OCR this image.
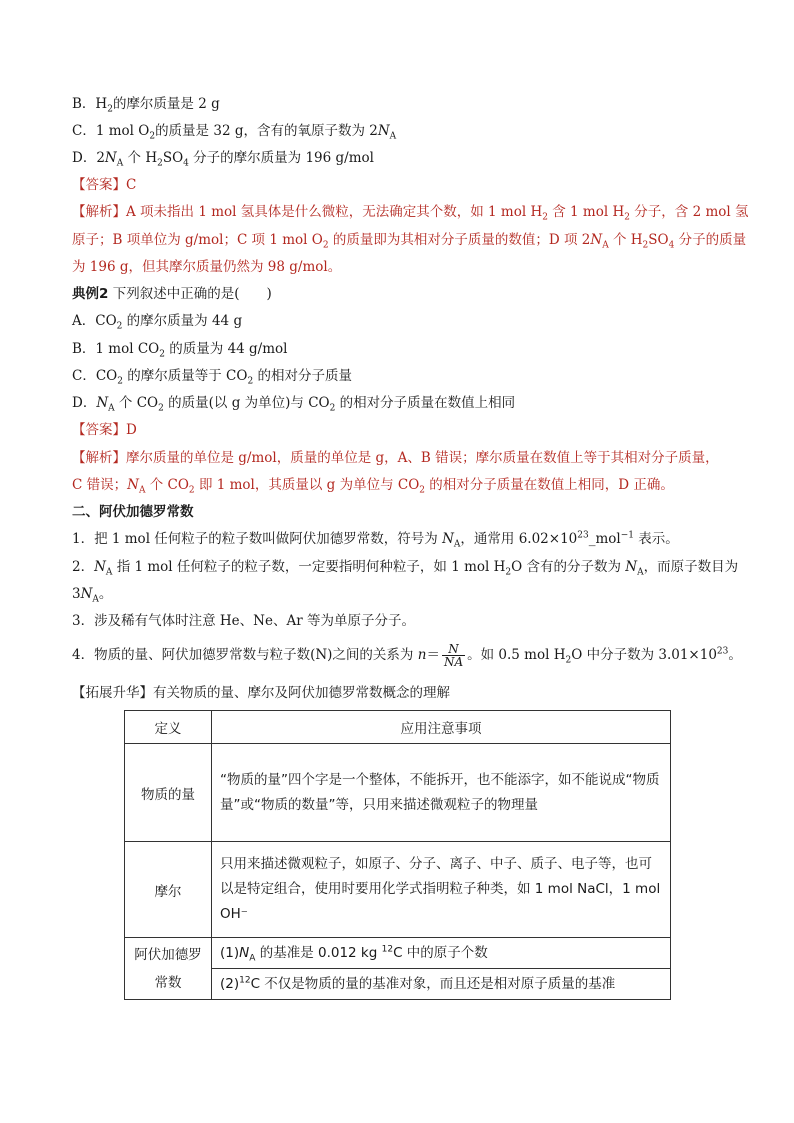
B．$H_2$的摩尔质量是 2 g
C．1 mol $O_2$的质量是 32 g，含有的氧原子数为 $2N_A$
D．$2N_A$ 个 $H_2SO_4$ 分子的摩尔质量为 196 g/mol
【答案】C
【解析】A 项未指出 1 mol 氢具体是什么微粒，无法确定其个数，如 1 mol $H_2$ 含 1 mol $H_2$ 分子，含 2 mol 氢
原子；B 项单位为 g/mol；C 项 1 mol $O_2$ 的质量即为其相对分子质量的数值；D 项 $2N_A$ 个 $H_2SO_4$ 分子的质量
为 196 g，但其摩尔质量仍然为 98 g/mol。
典例2 下列叙述中正确的是(　　)
A．$CO_2$ 的摩尔质量为 44 g
B．1 mol $CO_2$ 的质量为 44 g/mol
C．$CO_2$ 的摩尔质量等于 $CO_2$ 的相对分子质量
D．$N_A$ 个 $CO_2$ 的质量(以 g 为单位)与 $CO_2$ 的相对分子质量在数值上相同
【答案】D
【解析】摩尔质量的单位是 g/mol，质量的单位是 g，A、B 错误；摩尔质量在数值上等于其相对分子质量，
C 错误；$N_A$ 个 $CO_2$ 即 1 mol，其质量以 g 为单位与 $CO_2$ 的相对分子质量在数值上相同，D 正确。
二、阿伏加德罗常数
1．把 1 mol 任何粒子的粒子数叫做阿伏加德罗常数，符号为 $N_A$，通常用 $6.02\times 10^{23}\_mol^{-1}$ 表示。
2．$N_A$ 指 1 mol 任何粒子的粒子数，一定要指明何种粒子，如 1 mol $H_2O$ 含有的分子数为 $N_A$，而原子数目为
$3N_A$。
3．涉及稀有气体时注意 He、Ne、Ar 等为单原子分子。
4．物质的量、阿伏加德罗常数与粒子数(N)之间的关系为 $n= \frac{N}{NA}$ 。如 0.5 mol $H_2O$ 中分子数为 $3.01\times 10^{23}$。
【拓展升华】有关物质的量、摩尔及阿伏加德罗常数概念的理解
定义	应用注意事项
物质的量	“物质的量”四个字是一个整体，不能拆开，也不能添字，如不能说成“物质量”或“物质的数量”等，只用来描述微观粒子的物理量
摩尔	只用来描述微观粒子，如原子、分子、离子、中子、质子、电子等，也可以是特定组合，使用时要用化学式指明粒子种类，如 1 mol NaCl，1 mol OH⁻
阿伏加德罗常数	$(1)N_A$ 的基准是 0.012 kg $^{12}$C 中的原子个数
	$(2)^{12}C$ 不仅是物质的量的基准对象，而且还是相对原子质量的基准
